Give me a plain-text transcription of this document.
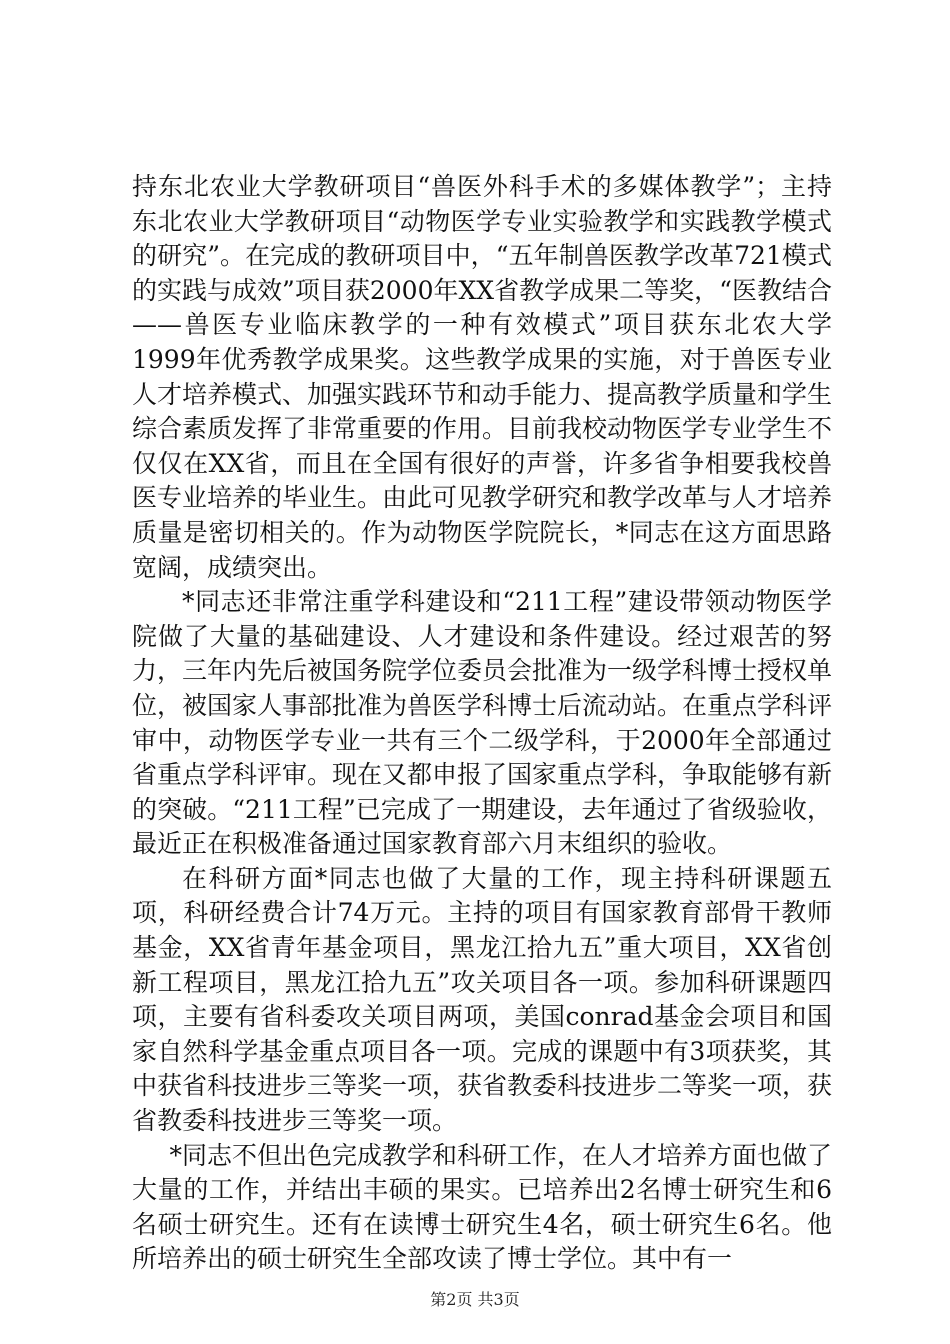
持东北农业大学教研项目“兽医外科手术的多媒体教学”；主持东北农业大学教研项目“动物医学专业实验教学和实践教学模式的研究”。在完成的教研项目中，“五年制兽医教学改革721模式的实践与成效”项目获2000年XX省教学成果二等奖，“医教结合——兽医专业临床教学的一种有效模式”项目获东北农大学1999年优秀教学成果奖。这些教学成果的实施，对于兽医专业人才培养模式、加强实践环节和动手能力、提高教学质量和学生综合素质发挥了非常重要的作用。目前我校动物医学专业学生不仅仅在XX省，而且在全国有很好的声誉，许多省争相要我校兽医专业培养的毕业生。由此可见教学研究和教学改革与人才培养质量是密切相关的。作为动物医学院院长，*同志在这方面思路宽阔，成绩突出。

*同志还非常注重学科建设和“211工程”建设带领动物医学院做了大量的基础建设、人才建设和条件建设。经过艰苦的努力，三年内先后被国务院学位委员会批准为一级学科博士授权单位，被国家人事部批准为兽医学科博士后流动站。在重点学科评审中，动物医学专业一共有三个二级学科，于2000年全部通过省重点学科评审。现在又都申报了国家重点学科，争取能够有新的突破。“211工程”已完成了一期建设，去年通过了省级验收，最近正在积极准备通过国家教育部六月末组织的验收。

在科研方面*同志也做了大量的工作，现主持科研课题五项，科研经费合计74万元。主持的项目有国家教育部骨干教师基金，XX省青年基金项目，黑龙江拾九五”重大项目，XX省创新工程项目，黑龙江拾九五”攻关项目各一项。参加科研课题四项，主要有省科委攻关项目两项，美国conrad基金会项目和国家自然科学基金重点项目各一项。完成的课题中有3项获奖，其中获省科技进步三等奖一项，获省教委科技进步二等奖一项，获省教委科技进步三等奖一项。

*同志不但出色完成教学和科研工作，在人才培养方面也做了大量的工作，并结出丰硕的果实。已培养出2名博士研究生和6名硕士研究生。还有在读博士研究生4名，硕士研究生6名。他所培养出的硕士研究生全部攻读了博士学位。其中有一

第2页 共3页
